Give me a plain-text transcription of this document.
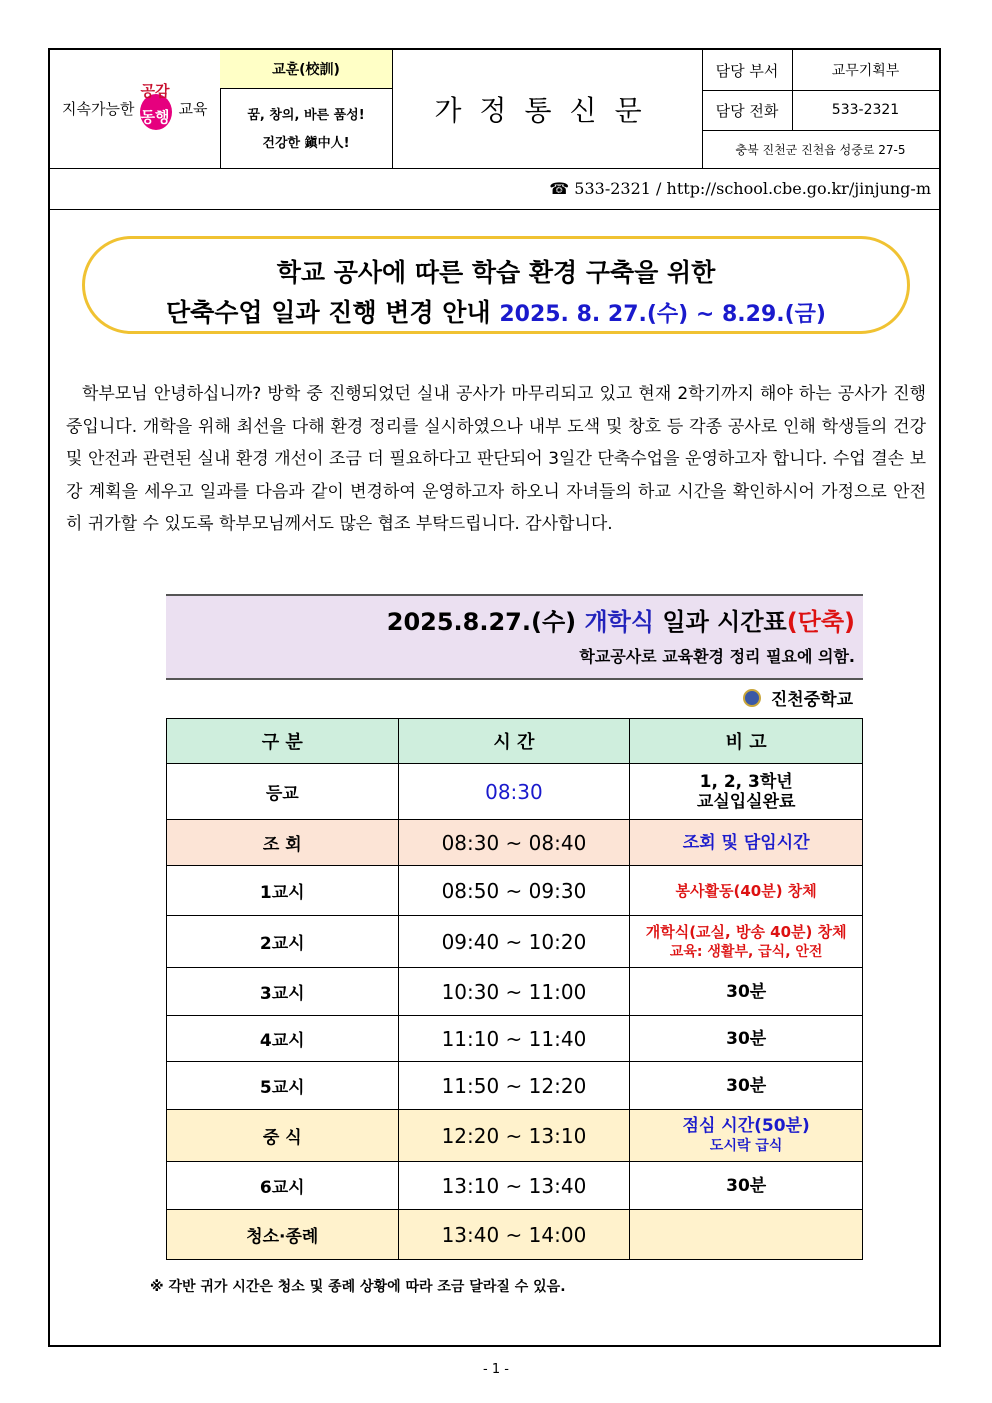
지속가능한
공감
동행 교육
교훈(校訓)
꿈, 창의, 바른 품성!
건강한 鎭中人!
가정통신문
담당 부서	교무기획부
담당 전화	533-2321
충북 진천군 진천읍 성중로 27-5
☎ 533-2321 / http://school.cbe.go.kr/jinjung-m
학교 공사에 따른 학습 환경 구축을 위한
단축수업 일과 진행 변경 안내 2025. 8. 27.(수) ~ 8.29.(금)
학부모님 안녕하십니까? 방학 중 진행되었던 실내 공사가 마무리되고 있고 현재 2학기까지 해야 하는 공사가 진행중입니다. 개학을 위해 최선을 다해 환경 정리를 실시하였으나 내부 도색 및 창호 등 각종 공사로 인해 학생들의 건강 및 안전과 관련된 실내 환경 개선이 조금 더 필요하다고 판단되어 3일간 단축수업을 운영하고자 합니다. 수업 결손 보강 계획을 세우고 일과를 다음과 같이 변경하여 운영하고자 하오니 자녀들의 하교 시간을 확인하시어 가정으로 안전히 귀가할 수 있도록 학부모님께서도 많은 협조 부탁드립니다. 감사합니다.
2025.8.27.(수) 개학식 일과 시간표(단축)
학교공사로 교육환경 정리 필요에 의함.
진천중학교
구 분	시 간	비 고
등교	08:30	1, 2, 3학년
교실입실완료

조 회	08:30 ~ 08:40	조회 및 담임시간

1교시	08:50 ~ 09:30	봉사활동(40분) 창체

2교시	09:40 ~ 10:20	개학식(교실, 방송 40분) 창체
교육: 생활부, 급식, 안전

3교시	10:30 ~ 11:00	30분

4교시	11:10 ~ 11:40	30분

5교시	11:50 ~ 12:20	30분

중 식	12:20 ~ 13:10	점심 시간(50분)
도시락 급식

6교시	13:10 ~ 13:40	30분

청소·종례	13:40 ~ 14:00	
※ 각반 귀가 시간은 청소 및 종례 상황에 따라 조금 달라질 수 있음.
- 1 -
